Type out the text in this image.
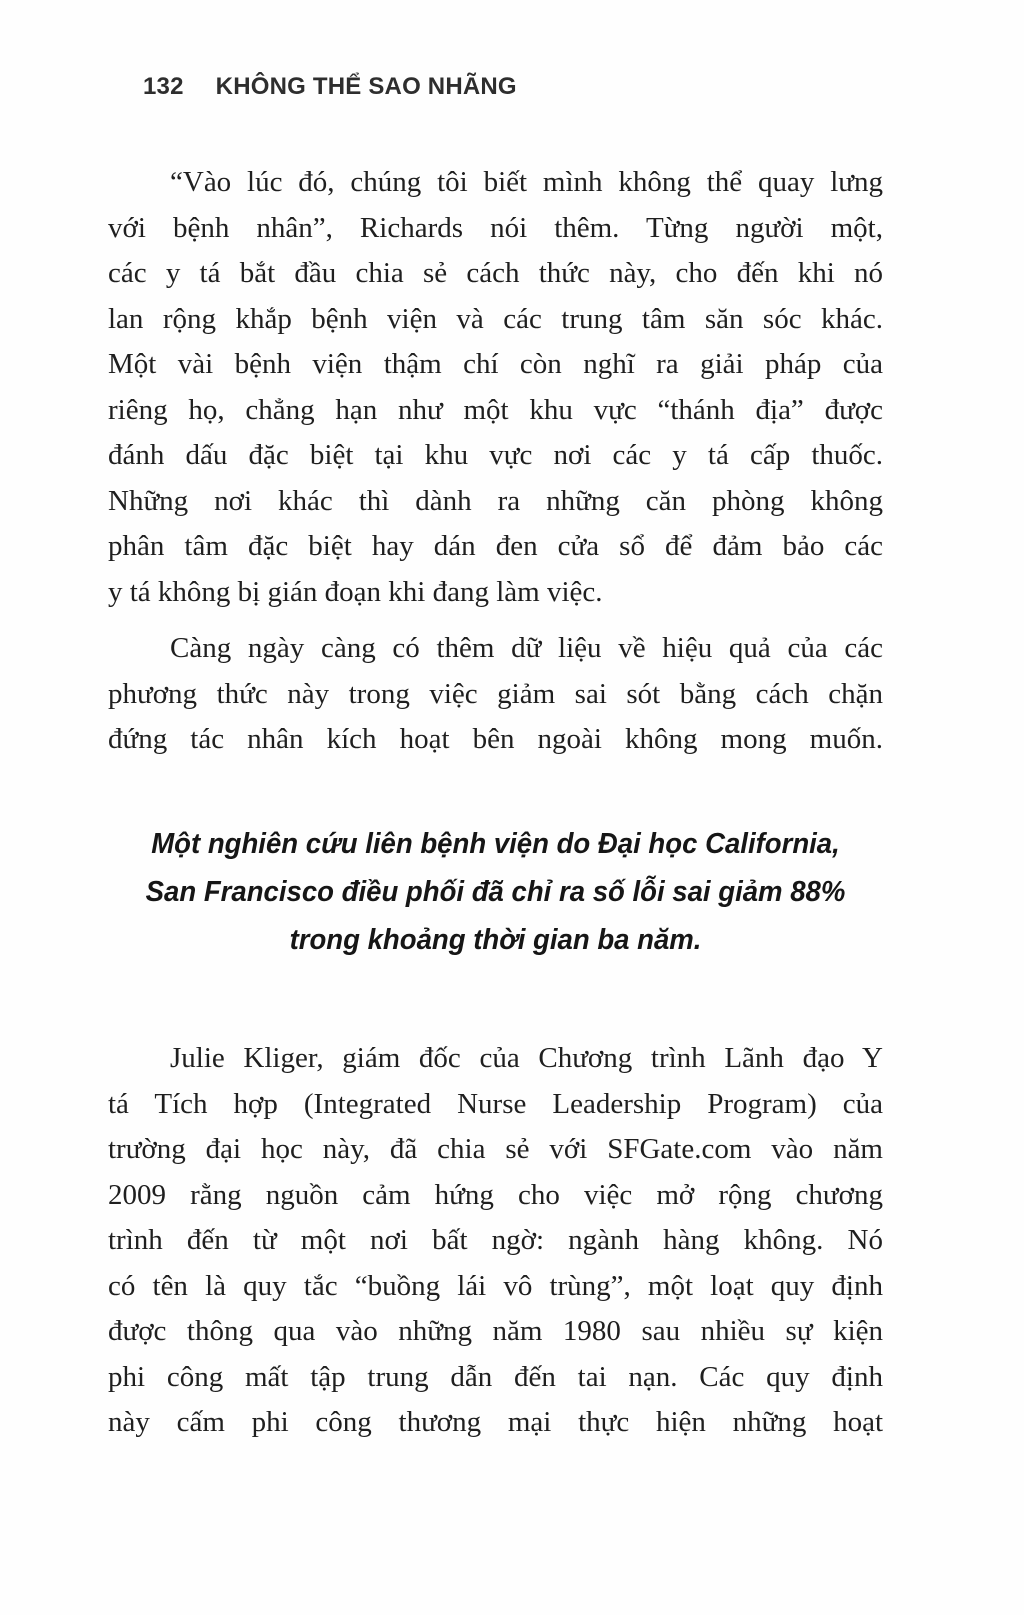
132 KHÔNG THỂ SAO NHÃNG

“Vào lúc đó, chúng tôi biết mình không thể quay lưng
với bệnh nhân”, Richards nói thêm. Từng người một,
các y tá bắt đầu chia sẻ cách thức này, cho đến khi nó
lan rộng khắp bệnh viện và các trung tâm săn sóc khác.
Một vài bệnh viện thậm chí còn nghĩ ra giải pháp của
riêng họ, chẳng hạn như một khu vực “thánh địa” được
đánh dấu đặc biệt tại khu vực nơi các y tá cấp thuốc.
Những nơi khác thì dành ra những căn phòng không
phân tâm đặc biệt hay dán đen cửa sổ để đảm bảo các
y tá không bị gián đoạn khi đang làm việc.

Càng ngày càng có thêm dữ liệu về hiệu quả của các
phương thức này trong việc giảm sai sót bằng cách chặn
đứng tác nhân kích hoạt bên ngoài không mong muốn.

Một nghiên cứu liên bệnh viện do Đại học California,
San Francisco điều phối đã chỉ ra số lỗi sai giảm 88%
trong khoảng thời gian ba năm.

Julie Kliger, giám đốc của Chương trình Lãnh đạo Y
tá Tích hợp (Integrated Nurse Leadership Program) của
trường đại học này, đã chia sẻ với SFGate.com vào năm
2009 rằng nguồn cảm hứng cho việc mở rộng chương
trình đến từ một nơi bất ngờ: ngành hàng không. Nó
có tên là quy tắc “buồng lái vô trùng”, một loạt quy định
được thông qua vào những năm 1980 sau nhiều sự kiện
phi công mất tập trung dẫn đến tai nạn. Các quy định
này cấm phi công thương mại thực hiện những hoạt
